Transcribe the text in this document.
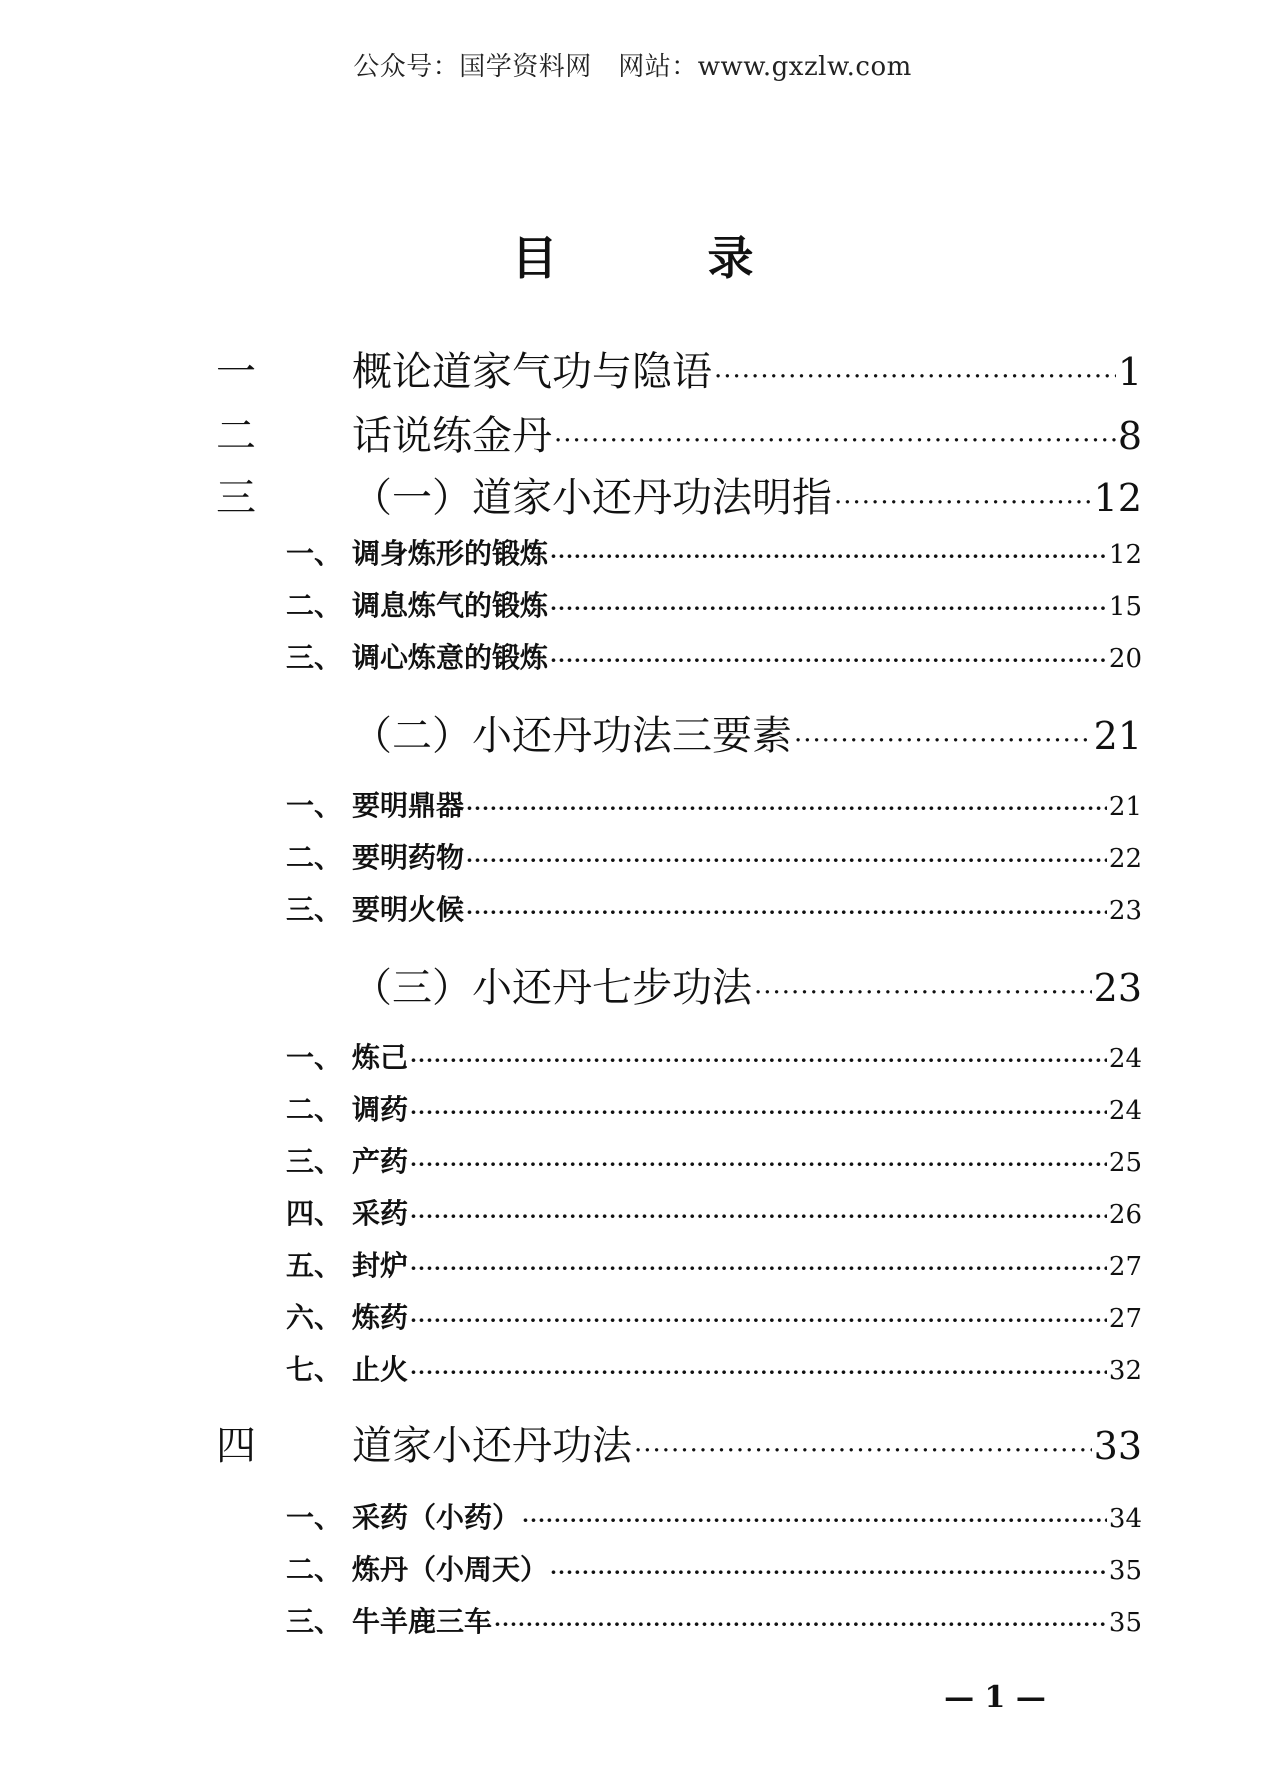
公众号：国学资料网　网站：www.gxzlw.com
目	录
一 概论道家气功与隐语 ·····	1
二 话说练金丹 ·····	8
三 （一）道家小还丹功法明指 ·····	12
一、 调身炼形的锻炼 ·····	12
二、 调息炼气的锻炼 ·····	15
三、 调心炼意的锻炼 ·····	20
（二）小还丹功法三要素 ·····	21
一、 要明鼎器 ·····	21
二、 要明药物 ·····	22
三、 要明火候 ·····	23
（三）小还丹七步功法 ·····	23
一、 炼己 ·····	24
二、 调药 ·····	24
三、 产药 ·····	25
四、 采药 ·····	26
五、 封炉 ·····	27
六、 炼药 ·····	27
七、 止火 ·····	32
四 道家小还丹功法 ·····	33
一、 采药（小药） ·····	34
二、 炼丹（小周天） ·····	35
三、 牛羊鹿三车 ·····	35
— 1 —
